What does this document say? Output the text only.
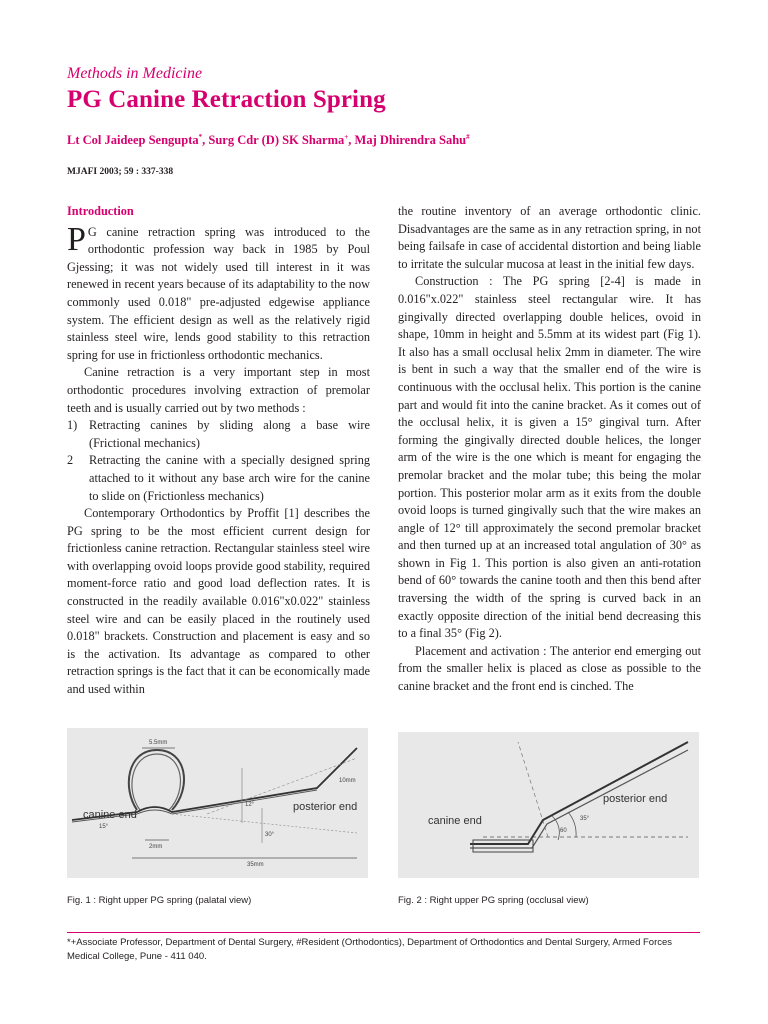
Methods in Medicine

PG Canine Retraction Spring

Lt Col Jaideep Sengupta*, Surg Cdr (D) SK Sharma+, Maj Dhirendra Sahu#

MJAFI 2003; 59 : 337-338

Introduction

P G canine retraction spring was introduced to the orthodontic profession way back in 1985 by Poul Gjessing; it was not widely used till interest in it was renewed in recent years because of its adaptability to the now commonly used 0.018" pre-adjusted edgewise appliance system. The efficient design as well as the relatively rigid stainless steel wire, lends good stability to this retraction spring for use in frictionless orthodontic mechanics.

Canine retraction is a very important step in most orthodontic procedures involving extraction of premolar teeth and is usually carried out by two methods :

1) Retracting canines by sliding along a base wire (Frictional mechanics)
2	Retracting the canine with a specially designed spring attached to it without any base arch wire for the canine to slide on (Frictionless mechanics)

Contemporary Orthodontics by Proffit [1] describes the PG spring to be the most efficient current design for frictionless canine retraction. Rectangular stainless steel wire with overlapping ovoid loops provide good stability, required moment-force ratio and good load deflection rates. It is constructed in the readily available 0.016"x0.022" stainless steel wire and can be easily placed in the routinely used 0.018" brackets. Construction and placement is easy and so is the activation. Its advantage as compared to other retraction springs is the fact that it can be economically made and used within

the routine inventory of an average orthodontic clinic. Disadvantages are the same as in any retraction spring, in not being failsafe in case of accidental distortion and being liable to irritate the sulcular mucosa at least in the initial few days.

Construction : The PG spring [2-4] is made in 0.016"x.022" stainless steel rectangular wire. It has gingivally directed overlapping double helices, ovoid in shape, 10mm in height and 5.5mm at its widest part (Fig 1). It also has a small occlusal helix 2mm in diameter. The wire is bent in such a way that the smaller end of the wire is continuous with the occlusal helix. This portion is the canine part and would fit into the canine bracket. As it comes out of the occlusal helix, it is given a 15° gingival turn. After forming the gingivally directed double helices, the longer arm of the wire is the one which is meant for engaging the premolar bracket and the molar tube; this being the molar portion. This posterior molar arm as it exits from the double ovoid loops is turned gingivally such that the wire makes an angle of 12° till approximately the second premolar bracket and then turned up at an increased total angulation of 30° as shown in Fig 1. This portion is also given an anti-rotation bend of 60° towards the canine tooth and then this bend after traversing the width of the spring is curved back in an exactly opposite direction of the initial bend decreasing this to a final 35° (Fig 2).

Placement and activation : The anterior end emerging out from the smaller helix is placed as close as possible to the canine bracket and the front end is cinched. The

5.5mm
10mm
15°
12°
30°
2mm
35mm
canine end
posterior end
60
35°
canine end
posterior end

Fig. 1 : Right upper PG spring (palatal view)	Fig. 2 : Right upper PG spring (occlusal view)

*+Associate Professor, Department of Dental Surgery, #Resident (Orthodontics), Department of Orthodontics and Dental Surgery, Armed Forces Medical College, Pune - 411 040.
